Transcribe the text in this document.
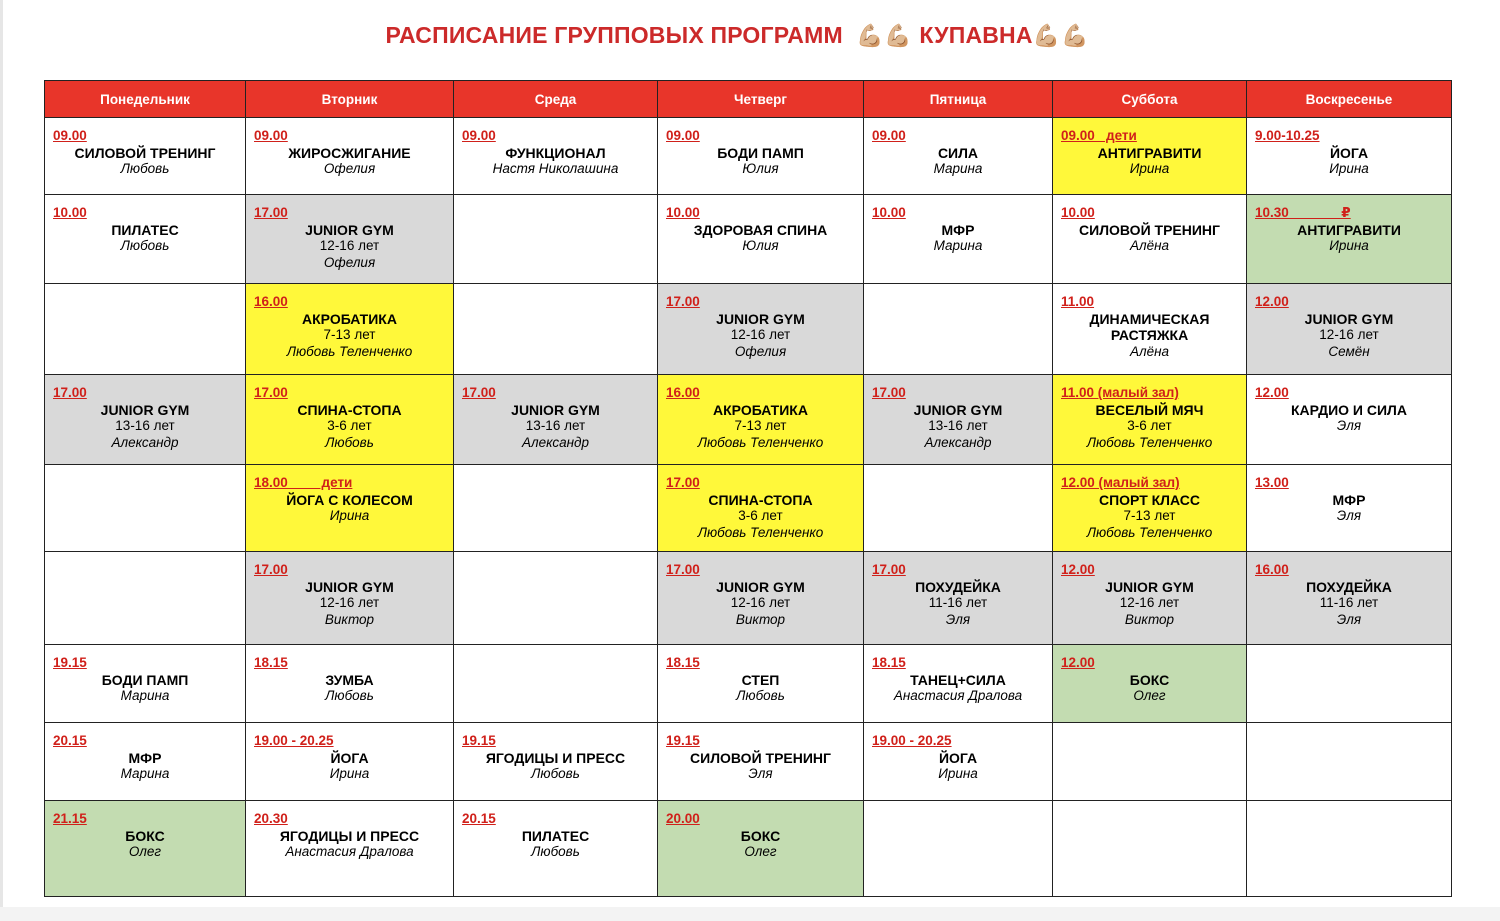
РАСПИСАНИЕ ГРУППОВЫХ ПРОГРАММ 💪🏼💪🏼 КУПАВНА💪🏼💪🏼
Понедельник	Вторник	Среда	Четверг	Пятница	Суббота	Воскресенье

09.00
СИЛОВОЙ ТРЕНИНГ
Любовь	09.00
ЖИРОСЖИГАНИЕ
Офелия	09.00
ФУНКЦИОНАЛ
Настя Николашина	09.00
БОДИ ПАМП
Юлия	09.00
СИЛА
Марина	09.00   дети
АНТИГРАВИТИ
Ирина	9.00-10.25
ЙОГА
Ирина

10.00
ПИЛАТЕС
Любовь	17.00
JUNIOR GYM
12-16 лет
Офелия		10.00
ЗДОРОВАЯ СПИНА
Юлия	10.00
МФР
Марина	10.00
СИЛОВОЙ ТРЕНИНГ
Алёна	10.30              ₽
АНТИГРАВИТИ
Ирина

	16.00
АКРОБАТИКА
7-13 лет
Любовь Теленченко		17.00
JUNIOR GYM
12-16 лет
Офелия		11.00
ДИНАМИЧЕСКАЯ РАСТЯЖКА
Алёна	12.00
JUNIOR GYM
12-16 лет
Семён

17.00
JUNIOR GYM
13-16 лет
Александр	17.00
СПИНА-СТОПА
3-6 лет
Любовь	17.00
JUNIOR GYM
13-16 лет
Александр	16.00
АКРОБАТИКА
7-13 лет
Любовь Теленченко	17.00
JUNIOR GYM
13-16 лет
Александр	11.00 (малый зал)
ВЕСЕЛЫЙ МЯЧ
3-6 лет
Любовь Теленченко	12.00
КАРДИО И СИЛА
Эля

	18.00         дети
ЙОГА С КОЛЕСОМ
Ирина		17.00
СПИНА-СТОПА
3-6 лет
Любовь Теленченко		12.00 (малый зал)
СПОРТ КЛАСС
7-13 лет
Любовь Теленченко	13.00
МФР
Эля

	17.00
JUNIOR GYM
12-16 лет
Виктор		17.00
JUNIOR GYM
12-16 лет
Виктор	17.00
ПОХУДЕЙКА
11-16 лет
Эля	12.00
JUNIOR GYM
12-16 лет
Виктор	16.00
ПОХУДЕЙКА
11-16 лет
Эля

19.15
БОДИ ПАМП
Марина	18.15
ЗУМБА
Любовь		18.15
СТЕП
Любовь	18.15
ТАНЕЦ+СИЛА
Анастасия Дралова	12.00
БОКС
Олег	

20.15
МФР
Марина	19.00 - 20.25
ЙОГА
Ирина	19.15
ЯГОДИЦЫ И ПРЕСС
Любовь	19.15
СИЛОВОЙ ТРЕНИНГ
Эля	19.00 - 20.25
ЙОГА
Ирина		

21.15
БОКС
Олег	20.30
ЯГОДИЦЫ И ПРЕСС
Анастасия Дралова	20.15
ПИЛАТЕС
Любовь	20.00
БОКС
Олег			
